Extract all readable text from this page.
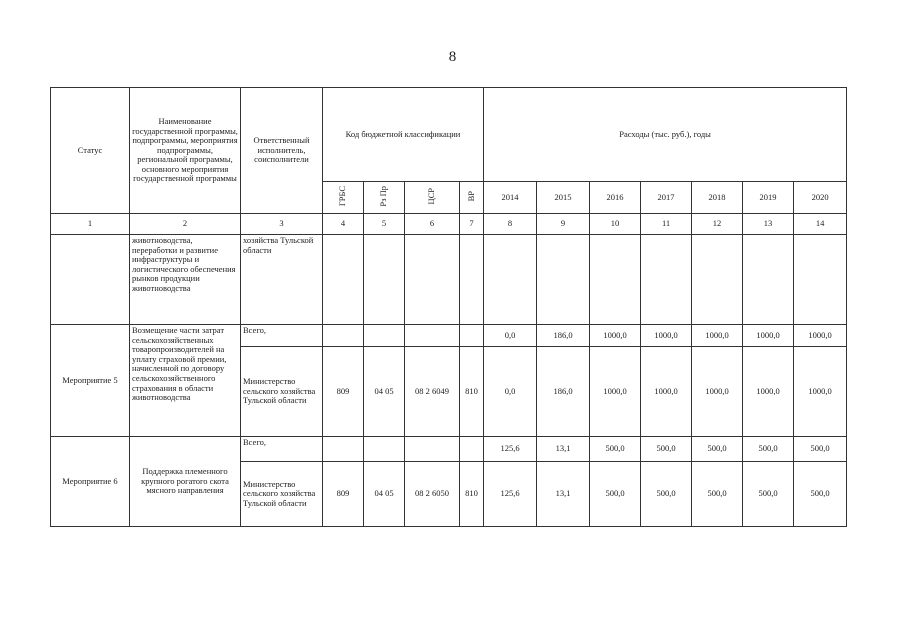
8
Статус	Наименование государственной программы, подпрограммы, мероприятия подпрограммы, региональной программы, основного мероприятия государственной программы	Ответственный исполнитель, соисполнители	Код бюджетной классификации				Расходы (тыс. руб.), годы						
			ГРБС	Рз Пр	ЦСР	ВР	2014	2015	2016	2017	2018	2019	2020
1	2	3	4	5	6	7	8	9	10	11	12	13	14
	животноводства, переработки и развитие инфраструктуры и логистического обеспечения рынков продукции животноводства	хозяйства Тульской области											
Мероприятие 5	Возмещение части затрат сельскохозяйственных товаропроизводителей на уплату страховой премии, начисленной по договору сельскохозяйственного страхования в области животноводства	Всего,					0,0	186,0	1000,0	1000,0	1000,0	1000,0	1000,0
		Министерство сельского хозяйства Тульской области	809	04 05	08 2 6049	810	0,0	186,0	1000,0	1000,0	1000,0	1000,0	1000,0
Мероприятие 6	Поддержка племенного крупного рогатого скота мясного направления	Всего,					125,6	13,1	500,0	500,0	500,0	500,0	500,0
		Министерство сельского хозяйства Тульской области	809	04 05	08 2 6050	810	125,6	13,1	500,0	500,0	500,0	500,0	500,0
